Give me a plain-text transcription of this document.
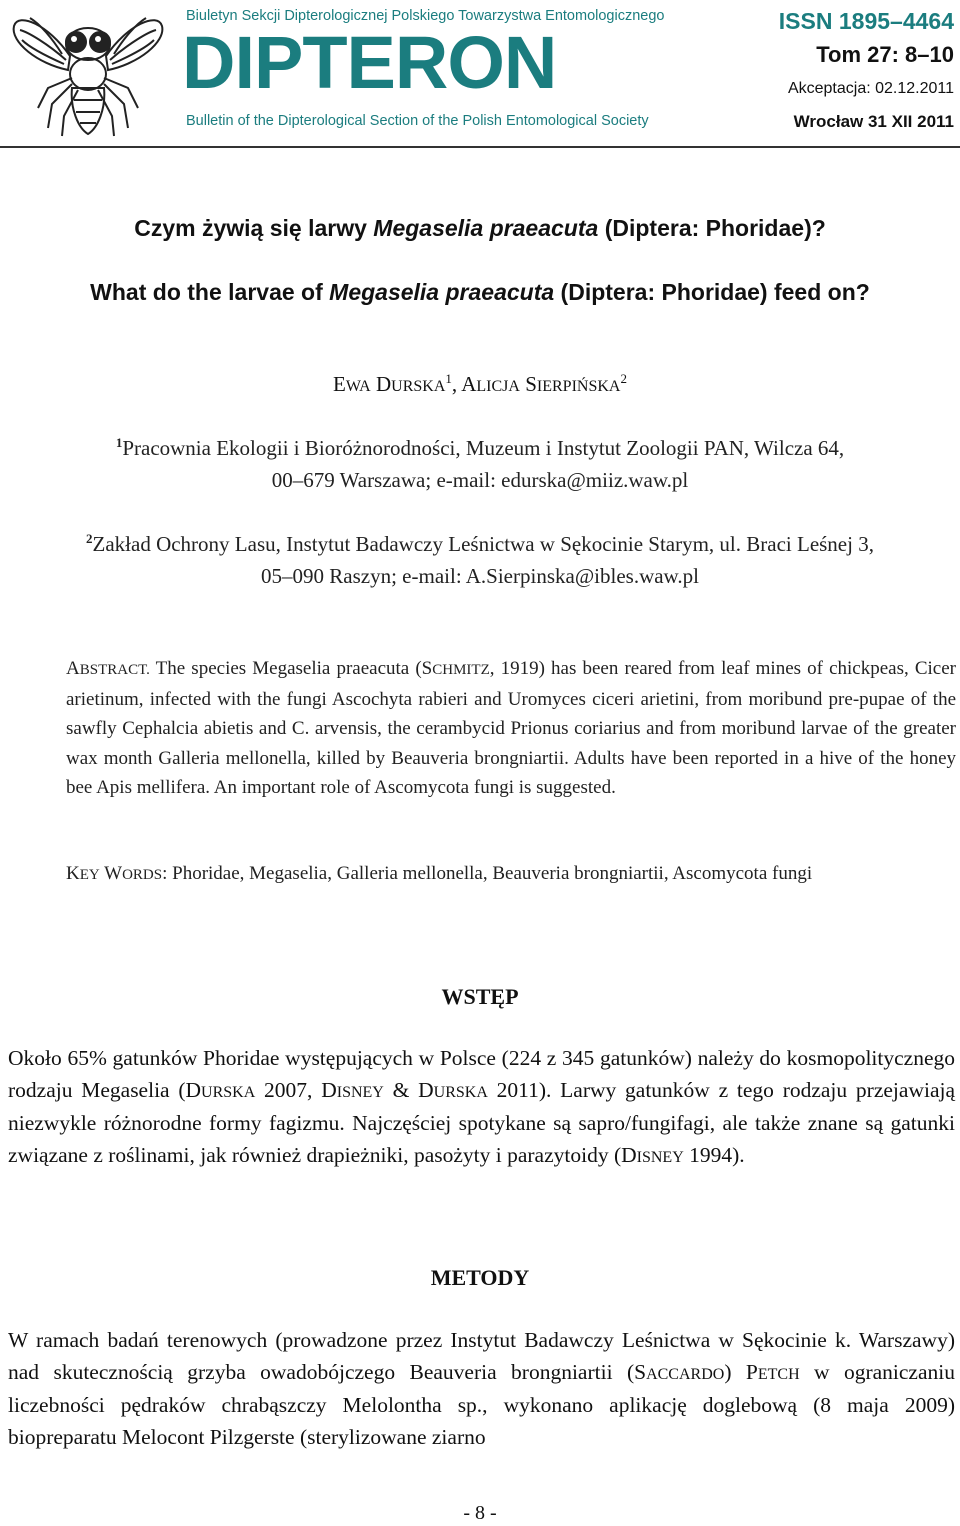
Biuletyn Sekcji Dipterologicznej Polskiego Towarzystwa Entomologicznego
DIPTERON
Bulletin of the Dipterological Section of the Polish Entomological Society
ISSN 1895–4464
Tom 27: 8–10
Akceptacja: 02.12.2011
Wrocław 31 XII 2011
Czym żywią się larwy Megaselia praeacuta (Diptera: Phoridae)?
What do the larvae of Megaselia praeacuta (Diptera: Phoridae) feed on?
EWA DURSKA$^1$, ALICJA SIERPIŃSKA$^2$
$^1$Pracownia Ekologii i Bioróżnorodności, Muzeum i Instytut Zoologii PAN, Wilcza 64,
00–679 Warszawa; e-mail: edurska@miiz.waw.pl
$^2$Zakład Ochrony Lasu, Instytut Badawczy Leśnictwa w Sękocinie Starym, ul. Braci Leśnej 3,
05–090 Raszyn; e-mail: A.Sierpinska@ibles.waw.pl
ABSTRACT. The species Megaselia praeacuta (SCHMITZ, 1919) has been reared from leaf mines of chickpeas, Cicer arietinum, infected with the fungi Ascochyta rabieri and Uromyces ciceri arietini, from moribund pre-pupae of the sawfly Cephalcia abietis and C. arvensis, the cerambycid Prionus coriarius and from moribund larvae of the greater wax month Galleria mellonella, killed by Beauveria brongniartii. Adults have been reported in a hive of the honey bee Apis mellifera. An important role of Ascomycota fungi is suggested.
KEY WORDS: Phoridae, Megaselia, Galleria mellonella, Beauveria brongniartii, Ascomycota fungi
WSTĘP
Około 65% gatunków Phoridae występujących w Polsce (224 z 345 gatunków) należy do kosmopolitycznego rodzaju Megaselia (DURSKA 2007, DISNEY & DURSKA 2011). Larwy gatunków z tego rodzaju przejawiają niezwykle różnorodne formy fagizmu. Najczęściej spotykane są sapro/fungifagi, ale także znane są gatunki związane z roślinami, jak również drapieżniki, pasożyty i parazytoidy (DISNEY 1994).
METODY
W ramach badań terenowych (prowadzone przez Instytut Badawczy Leśnictwa w Sękocinie k. Warszawy) nad skutecznością grzyba owadobójczego Beauveria brongniartii (SACCARDO) PETCH w ograniczaniu liczebności pędraków chrabąszczy Melolontha sp., wykonano aplikację doglebową (8 maja 2009) biopreparatu Melocont Pilzgerste (sterylizowane ziarno
- 8 -
